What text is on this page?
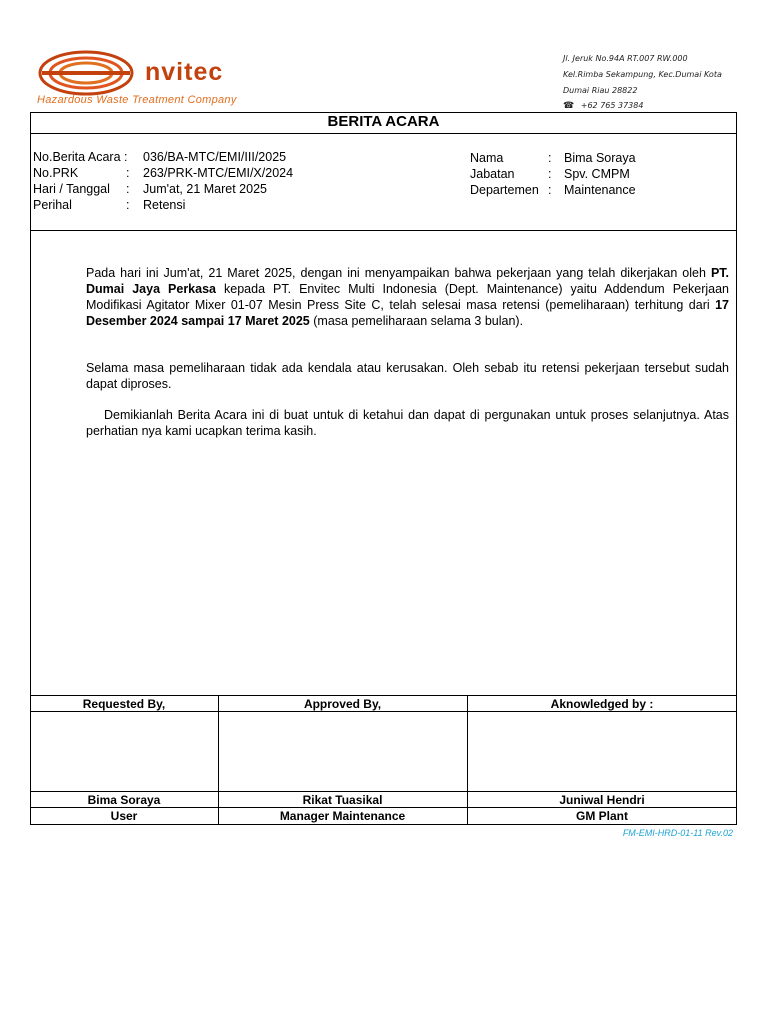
nvitec
Hazardous Waste Treatment Company
Jl. Jeruk No.94A RT.007 RW.000
Kel.Rimba Sekampung, Kec.Dumai Kota
Dumai Riau 28822
☎ +62 765 37384
BERITA ACARA
No.Berita Acara : 036/BA-MTC/EMI/III/2025
No.PRK	: 263/PRK-MTC/EMI/X/2024
Hari / Tanggal : Jum'at, 21 Maret 2025
Perihal	: Retensi
Nama	: Bima Soraya
Jabatan	: Spv. CMPM
Departemen : Maintenance
Pada hari ini Jum'at, 21 Maret 2025, dengan ini menyampaikan bahwa pekerjaan yang telah dikerjakan oleh PT. Dumai Jaya Perkasa kepada PT. Envitec Multi Indonesia (Dept. Maintenance) yaitu Addendum Pekerjaan Modifikasi Agitator Mixer 01-07 Mesin Press Site C, telah selesai masa retensi (pemeliharaan) terhitung dari 17 Desember 2024 sampai 17 Maret 2025 (masa pemeliharaan selama 3 bulan).
Selama masa pemeliharaan tidak ada kendala atau kerusakan. Oleh sebab itu retensi pekerjaan tersebut sudah dapat diproses.
Demikianlah Berita Acara ini di buat untuk di ketahui dan dapat di pergunakan untuk proses selanjutnya. Atas perhatian nya kami ucapkan terima kasih.
Requested By,	Approved By,	Aknowledged by :
Bima Soraya	Rikat Tuasikal	Juniwal Hendri
User	Manager Maintenance	GM Plant
FM-EMI-HRD-01-11 Rev.02
